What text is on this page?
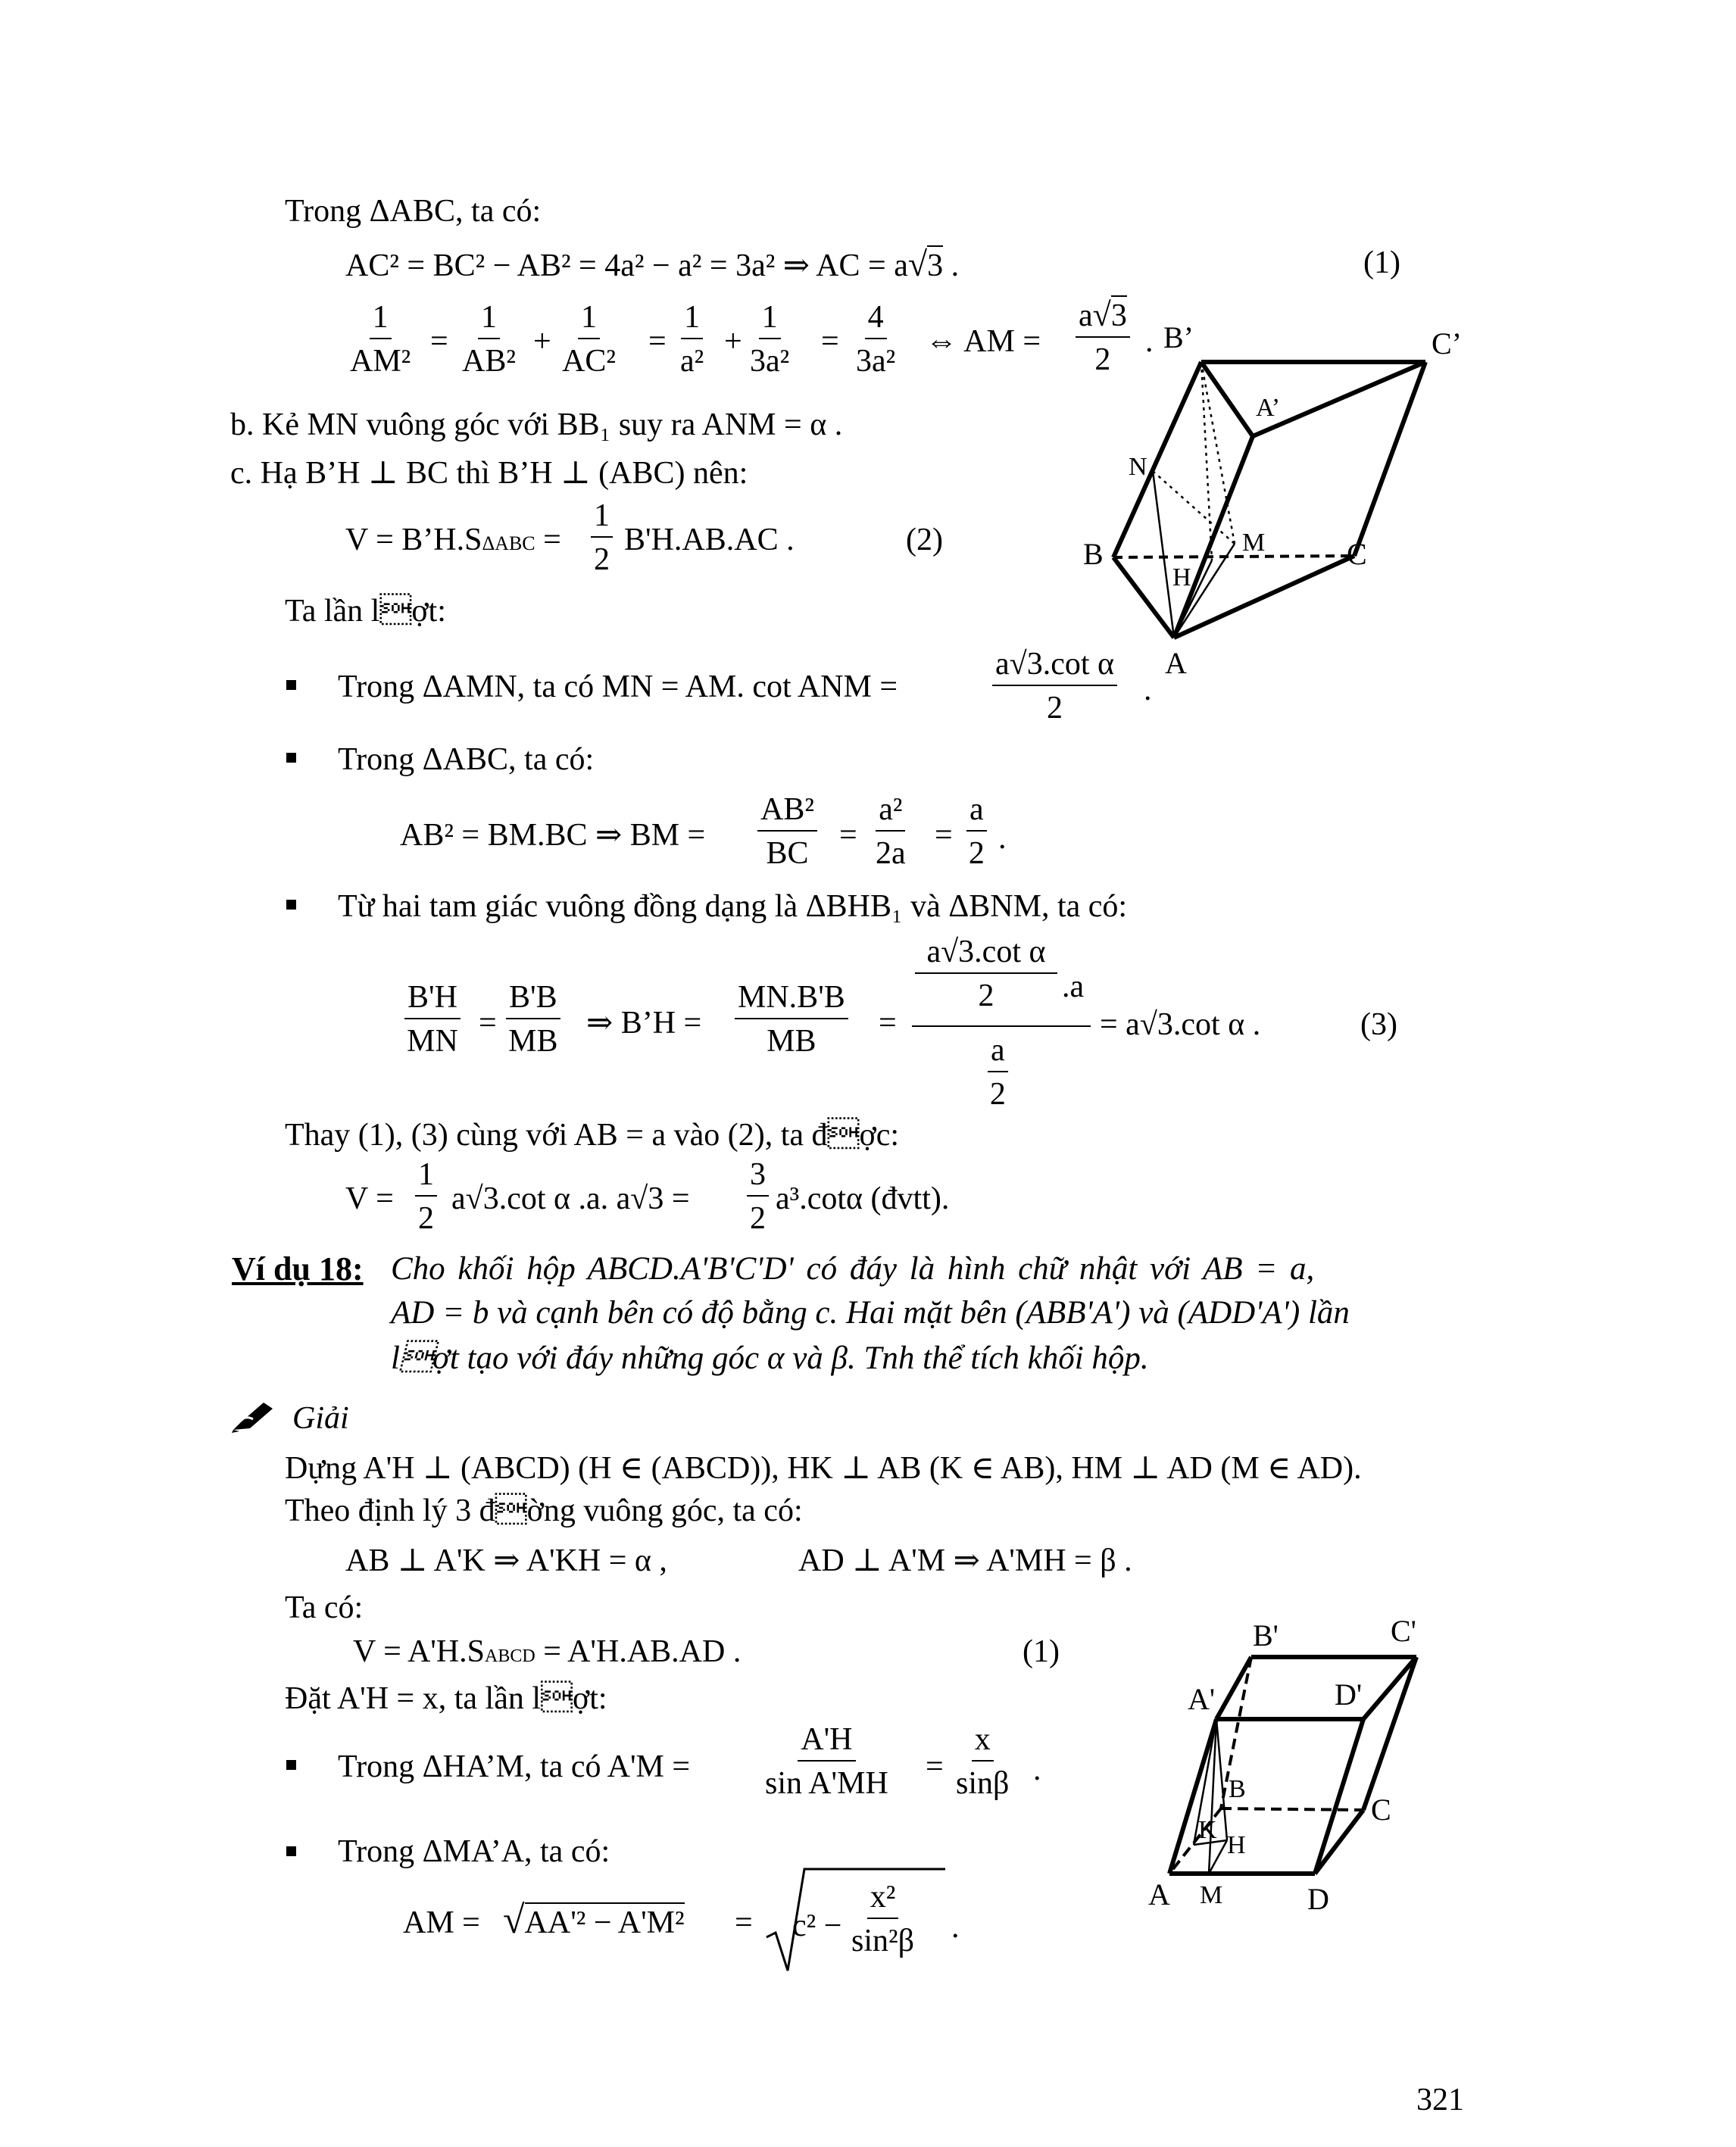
Trong ΔABC, ta có:
AC² = BC² − AB² = 4a² − a² = 3a² ⇒ AC = a√3 .	(1)
$\frac{1}{\text{AM²}} = \frac{1}{\text{AB²}} + \frac{1}{\text{AC²}} = \frac{1}{\text{a²}} + \frac{1}{\text{3a²}} = \frac{4}{\text{3a²}}$ ⇔ AM = $\frac{a√3}{2}$ .
b. Kẻ MN vuông góc với BB₁ suy ra ANM = α .
c. Hạ B’H ⊥ BC thì B’H ⊥ (ABC) nên:
V = B’H.SΔABC = $\frac{1}{2} B'H.AB.AC$ .	(2)
Ta lần lợt:
Trong ΔAMN, ta có MN = AM. cot ANM =	$\frac{\text{a√3.cot α}}{2}$ .
Trong ΔABC, ta có:
AB² = BM.BC ⇒ BM = $\frac{\text{AB²}}{BC} = \frac{\text{a²}}{2a} = \frac{a}{2}$ .
Từ hai tam giác vuông đồng dạng là ΔBHB₁ và ΔBNM, ta có:
$\frac{B'H}{MN} = \frac{B'B}{MB}$ ⇒ B’H = $\frac{MN.B'B}{MB}$ =
$\frac{\text{a√3.cot α}}{2} .a$
$\frac{a}{2}$
= a√3.cot α .	(3)
Thay (1), (3) cùng với AB = a vào (2), ta đợc:
$V = \frac{1}{2} a√3.\cot$ α .a. $a√3 = \frac{3}{2} a^3.\cot\alpha$ (đvtt).
Ví dụ 18: Cho khối hộp ABCD.A'B'C'D' có đáy là hình chữ nhật với AB = a,
AD = b và cạnh bên có độ bằng c. Hai mặt bên (ABB'A') và (ADD'A') lần
lợt tạo với đáy những góc α và β. Tnh thể tích khối hộp.
Giải
Dựng A'H ⊥ (ABCD) (H ∈ (ABCD)), HK ⊥ AB (K ∈ AB), HM ⊥ AD (M ∈ AD).
Theo định lý 3 đờng vuông góc, ta có:
AB ⊥ A'K ⇒ A'KH = α ,	AD ⊥ A'M ⇒ A'MH = β .
Ta có:
V = A'H.SABCD = A'H.AB.AD .	(1)
Đặt A'H = x, ta lần lợt:
Trong ΔHA’M, ta có $A'M = \frac{A'H}{\text{sin A'MH}} = \frac{x}{\sin\beta}$ .
Trong ΔMA’A, ta có:
AM = $√AA'^2 - A'M^2 = c^2 - \frac{\text{x²}}{\text{sin²β}}$ .
321
B’	C’
A’
N
B	M	C
H
A
B'	C'
A'	D'
B
C
K
H
A M	D
